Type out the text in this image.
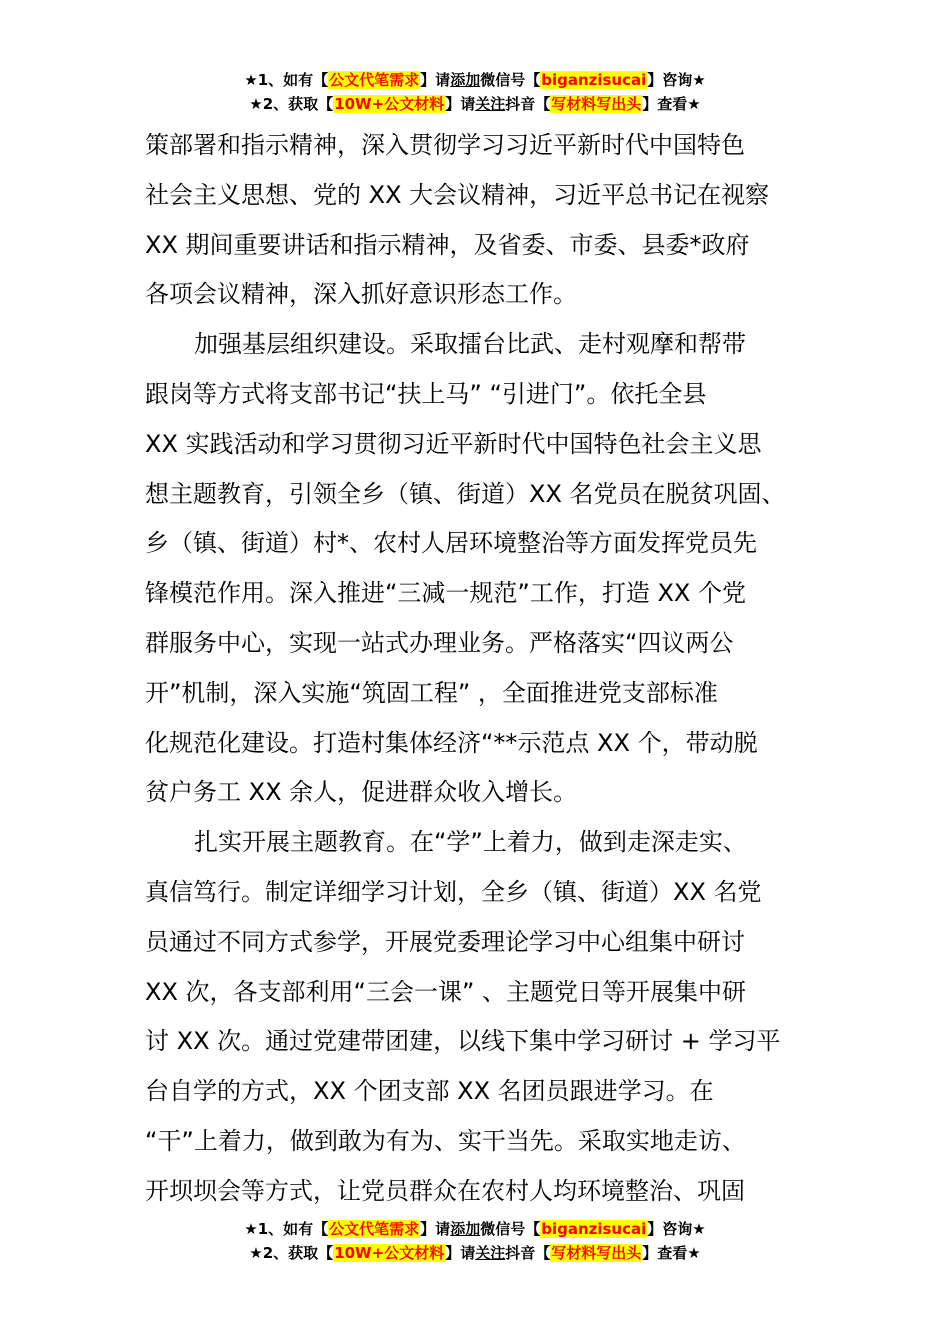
★1、如有【公文代笔需求】请添加微信号【biganzisucai】咨询★
★2、获取【10W+公文材料】请关注抖音【写材料写出头】查看★
策部署和指示精神，深入贯彻学习习近平新时代中国特色
社会主义思想、党的 XX 大会议精神，习近平总书记在视察
XX 期间重要讲话和指示精神，及省委、市委、县委*政府
各项会议精神，深入抓好意识形态工作。
加强基层组织建设。采取擂台比武、走村观摩和帮带
跟岗等方式将支部书记“扶上马” “引进门”。依托全县
XX 实践活动和学习贯彻习近平新时代中国特色社会主义思
想主题教育，引领全乡（镇、街道）XX 名党员在脱贫巩固、
乡（镇、街道）村*、农村人居环境整治等方面发挥党员先
锋模范作用。深入推进“三减一规范”工作，打造 XX 个党
群服务中心，实现一站式办理业务。严格落实“四议两公
开”机制，深入实施“筑固工程” ，全面推进党支部标准
化规范化建设。打造村集体经济“**示范点 XX 个，带动脱
贫户务工 XX 余人，促进群众收入增长。
扎实开展主题教育。在“学”上着力，做到走深走实、
真信笃行。制定详细学习计划，全乡（镇、街道）XX 名党
员通过不同方式参学，开展党委理论学习中心组集中研讨
XX 次，各支部利用“三会一课” 、主题党日等开展集中研
讨 XX 次。通过党建带团建，以线下集中学习研讨 + 学习平
台自学的方式，XX 个团支部 XX 名团员跟进学习。在
“干”上着力，做到敢为有为、实干当先。采取实地走访、
开坝坝会等方式，让党员群众在农村人均环境整治、巩固
★1、如有【公文代笔需求】请添加微信号【biganzisucai】咨询★
★2、获取【10W+公文材料】请关注抖音【写材料写出头】查看★
